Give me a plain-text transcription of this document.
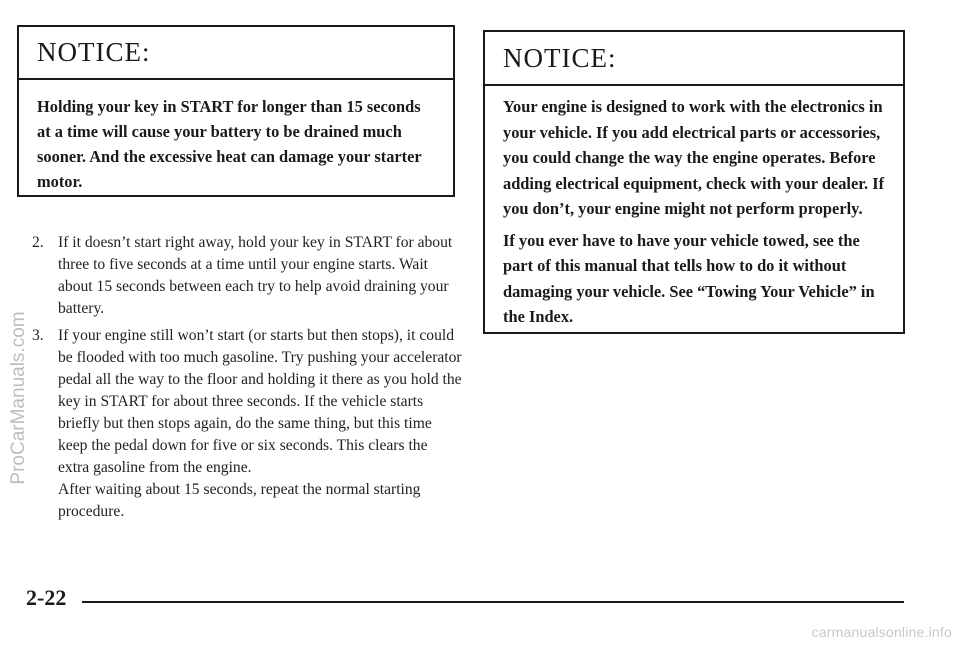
NOTICE:

Holding your key in START for longer than 15 seconds at a time will cause your battery to be drained much sooner. And the excessive heat can damage your starter motor.

2. If it doesn’t start right away, hold your key in START for about three to five seconds at a time until your engine starts. Wait about 15 seconds between each try to help avoid draining your battery.

3. If your engine still won’t start (or starts but then stops), it could be flooded with too much gasoline. Try pushing your accelerator pedal all the way to the floor and holding it there as you hold the key in START for about three seconds. If the vehicle starts briefly but then stops again, do the same thing, but this time keep the pedal down for five or six seconds. This clears the extra gasoline from the engine.

After waiting about 15 seconds, repeat the normal starting procedure.

NOTICE:

Your engine is designed to work with the electronics in your vehicle. If you add electrical parts or accessories, you could change the way the engine operates. Before adding electrical equipment, check with your dealer. If you don’t, your engine might not perform properly.

If you ever have to have your vehicle towed, see the part of this manual that tells how to do it without damaging your vehicle. See “Towing Your Vehicle” in the Index.

ProCarManuals.com
2-22
carmanualsonline.info
